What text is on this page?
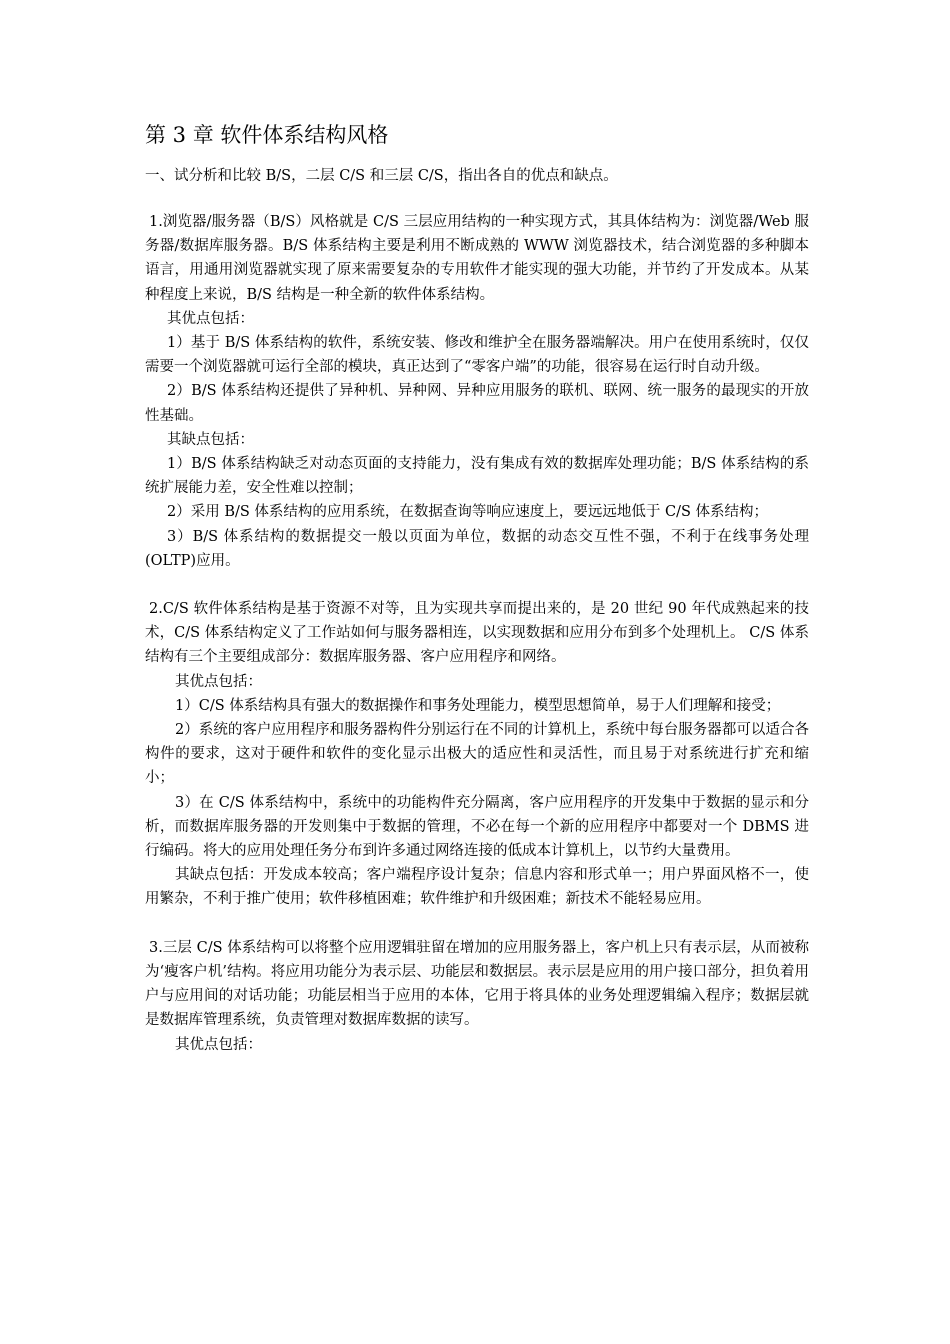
第 3 章 软件体系结构风格

一、试分析和比较 B/S，二层 C/S 和三层 C/S，指出各自的优点和缺点。

1.浏览器/服务器（B/S）风格就是 C/S 三层应用结构的一种实现方式，其具体结构为：浏览器/Web 服务器/数据库服务器。B/S 体系结构主要是利用不断成熟的 WWW 浏览器技术，结合浏览器的多种脚本语言，用通用浏览器就实现了原来需要复杂的专用软件才能实现的强大功能，并节约了开发成本。从某种程度上来说，B/S 结构是一种全新的软件体系结构。

其优点包括：

1）基于 B/S 体系结构的软件，系统安装、修改和维护全在服务器端解决。用户在使用系统时，仅仅需要一个浏览器就可运行全部的模块，真正达到了“零客户端”的功能，很容易在运行时自动升级。

2）B/S 体系结构还提供了异种机、异种网、异种应用服务的联机、联网、统一服务的最现实的开放性基础。

其缺点包括：

1）B/S 体系结构缺乏对动态页面的支持能力，没有集成有效的数据库处理功能；B/S 体系结构的系统扩展能力差，安全性难以控制；

2）采用 B/S 体系结构的应用系统，在数据查询等响应速度上，要远远地低于 C/S 体系结构；

3）B/S 体系结构的数据提交一般以页面为单位，数据的动态交互性不强，不利于在线事务处理(OLTP)应用。

2.C/S 软件体系结构是基于资源不对等，且为实现共享而提出来的，是 20 世纪 90 年代成熟起来的技术，C/S 体系结构定义了工作站如何与服务器相连，以实现数据和应用分布到多个处理机上。 C/S 体系结构有三个主要组成部分：数据库服务器、客户应用程序和网络。

其优点包括：

1）C/S 体系结构具有强大的数据操作和事务处理能力，模型思想简单，易于人们理解和接受；

2）系统的客户应用程序和服务器构件分别运行在不同的计算机上，系统中每台服务器都可以适合各构件的要求，这对于硬件和软件的变化显示出极大的适应性和灵活性，而且易于对系统进行扩充和缩小；

3）在 C/S 体系结构中，系统中的功能构件充分隔离，客户应用程序的开发集中于数据的显示和分析，而数据库服务器的开发则集中于数据的管理，不必在每一个新的应用程序中都要对一个 DBMS 进行编码。将大的应用处理任务分布到许多通过网络连接的低成本计算机上，以节约大量费用。

其缺点包括：开发成本较高；客户端程序设计复杂；信息内容和形式单一；用户界面风格不一，使用繁杂，不利于推广使用；软件移植困难；软件维护和升级困难；新技术不能轻易应用。

3.三层 C/S 体系结构可以将整个应用逻辑驻留在增加的应用服务器上，客户机上只有表示层，从而被称为‘瘦客户机’结构。将应用功能分为表示层、功能层和数据层。表示层是应用的用户接口部分，担负着用户与应用间的对话功能；功能层相当于应用的本体，它用于将具体的业务处理逻辑编入程序；数据层就是数据库管理系统，负责管理对数据库数据的读写。

其优点包括：
